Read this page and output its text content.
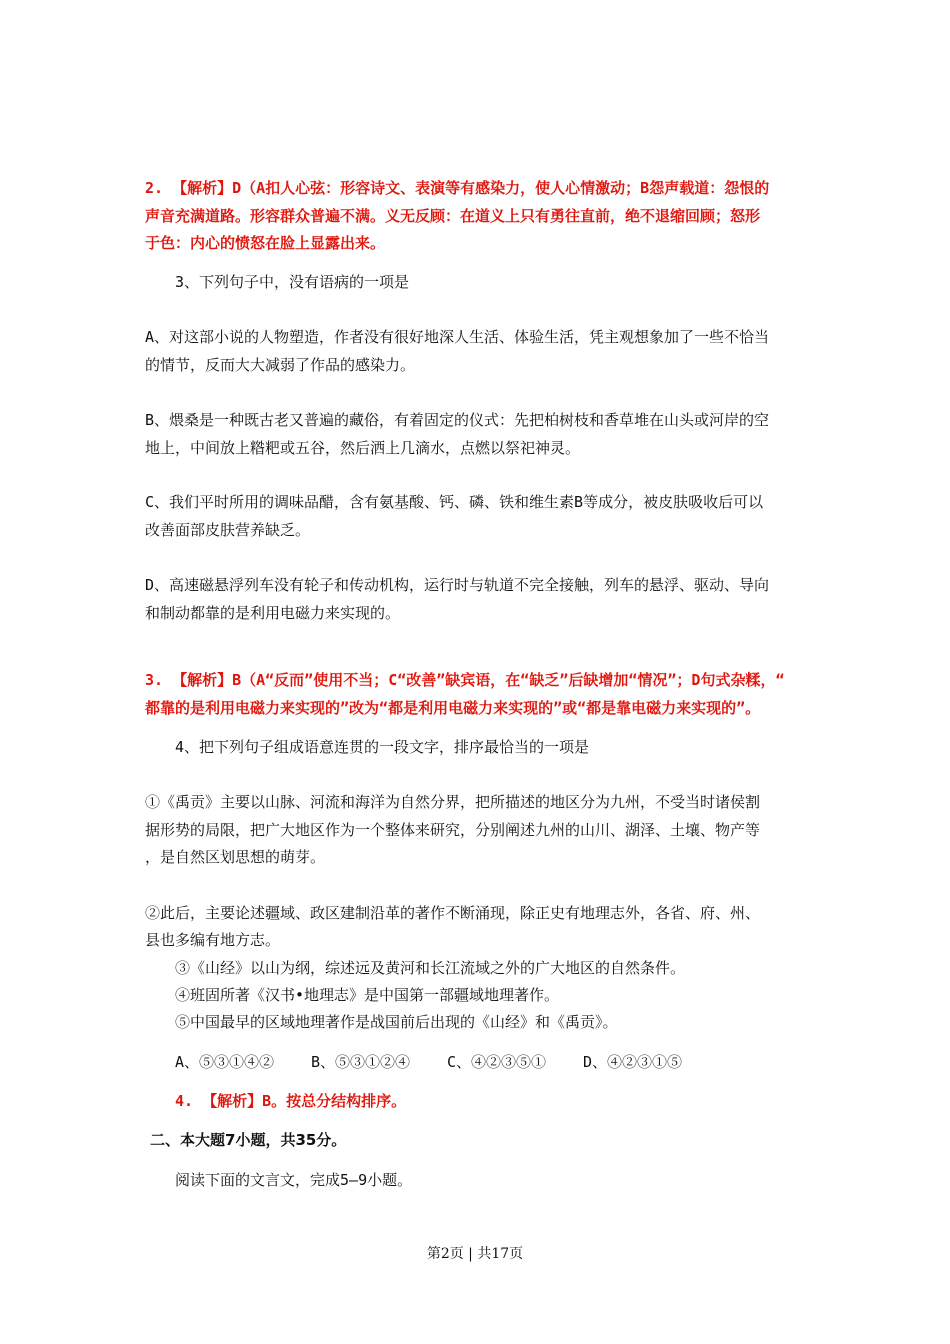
2. 【解析】D（A扣人心弦：形容诗文、表演等有感染力，使人心情激动；B怨声载道：怨恨的
声音充满道路。形容群众普遍不满。义无反顾：在道义上只有勇往直前，绝不退缩回顾；怒形
于色：内心的愤怒在脸上显露出来。
3、下列句子中，没有语病的一项是
A、对这部小说的人物塑造，作者没有很好地深人生活、体验生活，凭主观想象加了一些不恰当
的情节，反而大大减弱了作品的感染力。
B、煨桑是一种既古老又普遍的藏俗，有着固定的仪式：先把柏树枝和香草堆在山头或河岸的空
地上，中间放上糌粑或五谷，然后洒上几滴水，点燃以祭祀神灵。
C、我们平时所用的调味品醋，含有氨基酸、钙、磷、铁和维生素B等成分，被皮肤吸收后可以
改善面部皮肤营养缺乏。
D、高速磁悬浮列车没有轮子和传动机构，运行时与轨道不完全接触，列车的悬浮、驱动、导向
和制动都靠的是利用电磁力来实现的。
3. 【解析】B（A“反而”使用不当；C“改善”缺宾语，在“缺乏”后缺增加“情况”；D句式杂糅，“
都靠的是利用电磁力来实现的”改为“都是利用电磁力来实现的”或“都是靠电磁力来实现的”。
4、把下列句子组成语意连贯的一段文字，排序最恰当的一项是
①《禹贡》主要以山脉、河流和海洋为自然分界，把所描述的地区分为九州，不受当时诸侯割
据形势的局限，把广大地区作为一个整体来研究，分别阐述九州的山川、湖泽、土壤、物产等
，是自然区划思想的萌芽。
②此后，主要论述疆域、政区建制沿革的著作不断涌现，除正史有地理志外，各省、府、州、
县也多编有地方志。
③《山经》以山为纲，综述远及黄河和长江流域之外的广大地区的自然条件。
④班固所著《汉书•地理志》是中国第一部疆域地理著作。
⑤中国最早的区域地理著作是战国前后出现的《山经》和《禹贡》。
A、⑤③①④② B、⑤③①②④ C、④②③⑤① D、④②③①⑤
4. 【解析】B。按总分结构排序。
二、本大题7小题，共35分。
阅读下面的文言文，完成5—9小题。
第2页 | 共17页
